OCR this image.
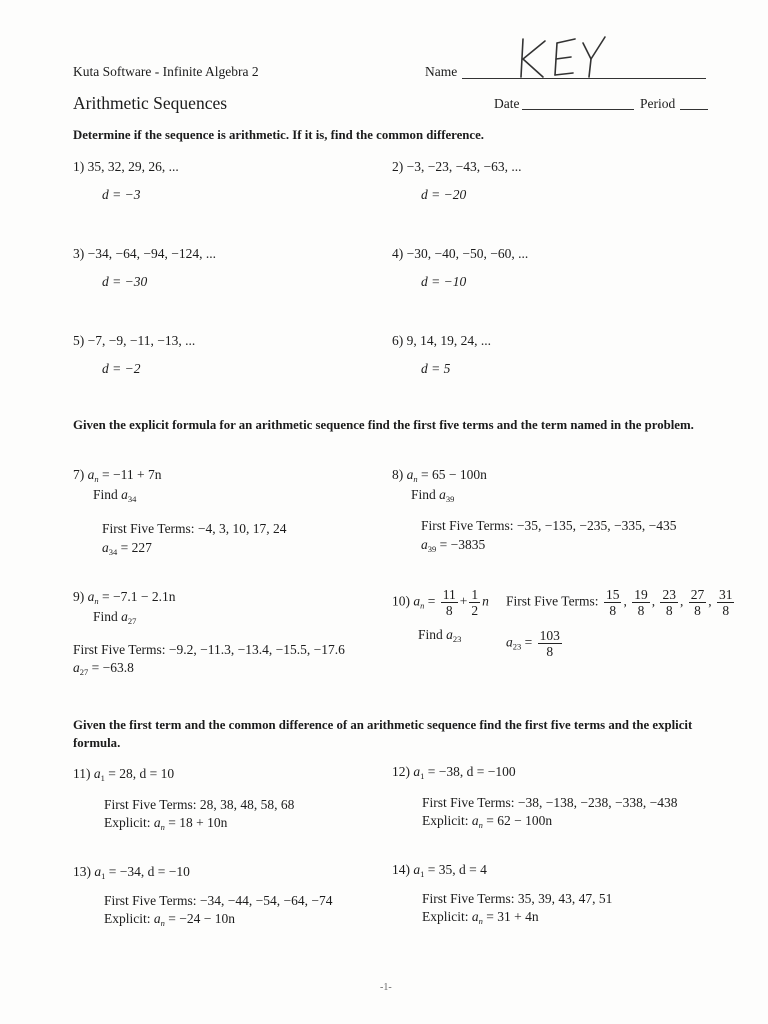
Kuta Software - Infinite Algebra 2	Name
Arithmetic Sequences	Date	Period
Determine if the sequence is arithmetic. If it is, find the common difference.
1) 35, 32, 29, 26, ...
d = −3
2) −3, −23, −43, −63, ...
d = −20
3) −34, −64, −94, −124, ...
d = −30
4) −30, −40, −50, −60, ...
d = −10
5) −7, −9, −11, −13, ...
d = −2
6) 9, 14, 19, 24, ...
d = 5
Given the explicit formula for an arithmetic sequence find the first five terms and the term named in the problem.
7) $a_n = -11 + 7n$
Find $a_{34}$
First Five Terms: −4, 3, 10, 17, 24
$a_{34} = 227$
8) $a_n = 65 - 100n$
Find $a_{39}$
First Five Terms: −35, −135, −235, −335, −435
$a_{39} = -3835$
9) $a_n = -7.1 - 2.1n$
Find $a_{27}$
First Five Terms: −9.2, −11.3, −13.4, −15.5, −17.6
$a_{27} = -63.8$
10) $a_n = \frac{11}{8} + \frac{1}{2}$ n First Five Terms: $\frac{15}{8}$ , $\frac{19}{8}$ , $\frac{23}{8}$ , $\frac{27}{8}$ , $\frac{31}{8}$
Find $a_{23}$	$a_{23} = \frac{103}{8}$
Given the first term and the common difference of an arithmetic sequence find the first five terms and the explicit formula.
11) $a_1 = 28$, d = 10
First Five Terms: 28, 38, 48, 58, 68
Explicit: $a_n = 18 + 10n$
12) $a_1 = -38$, d = −100
First Five Terms: −38, −138, −238, −338, −438
Explicit: $a_n = 62 - 100n$
13) $a_1 = -34$, d = −10
First Five Terms: −34, −44, −54, −64, −74
Explicit: $a_n = -24 - 10n$
14) $a_1 = 35$, d = 4
First Five Terms: 35, 39, 43, 47, 51
Explicit: $a_n = 31 + 4n$
-1-
